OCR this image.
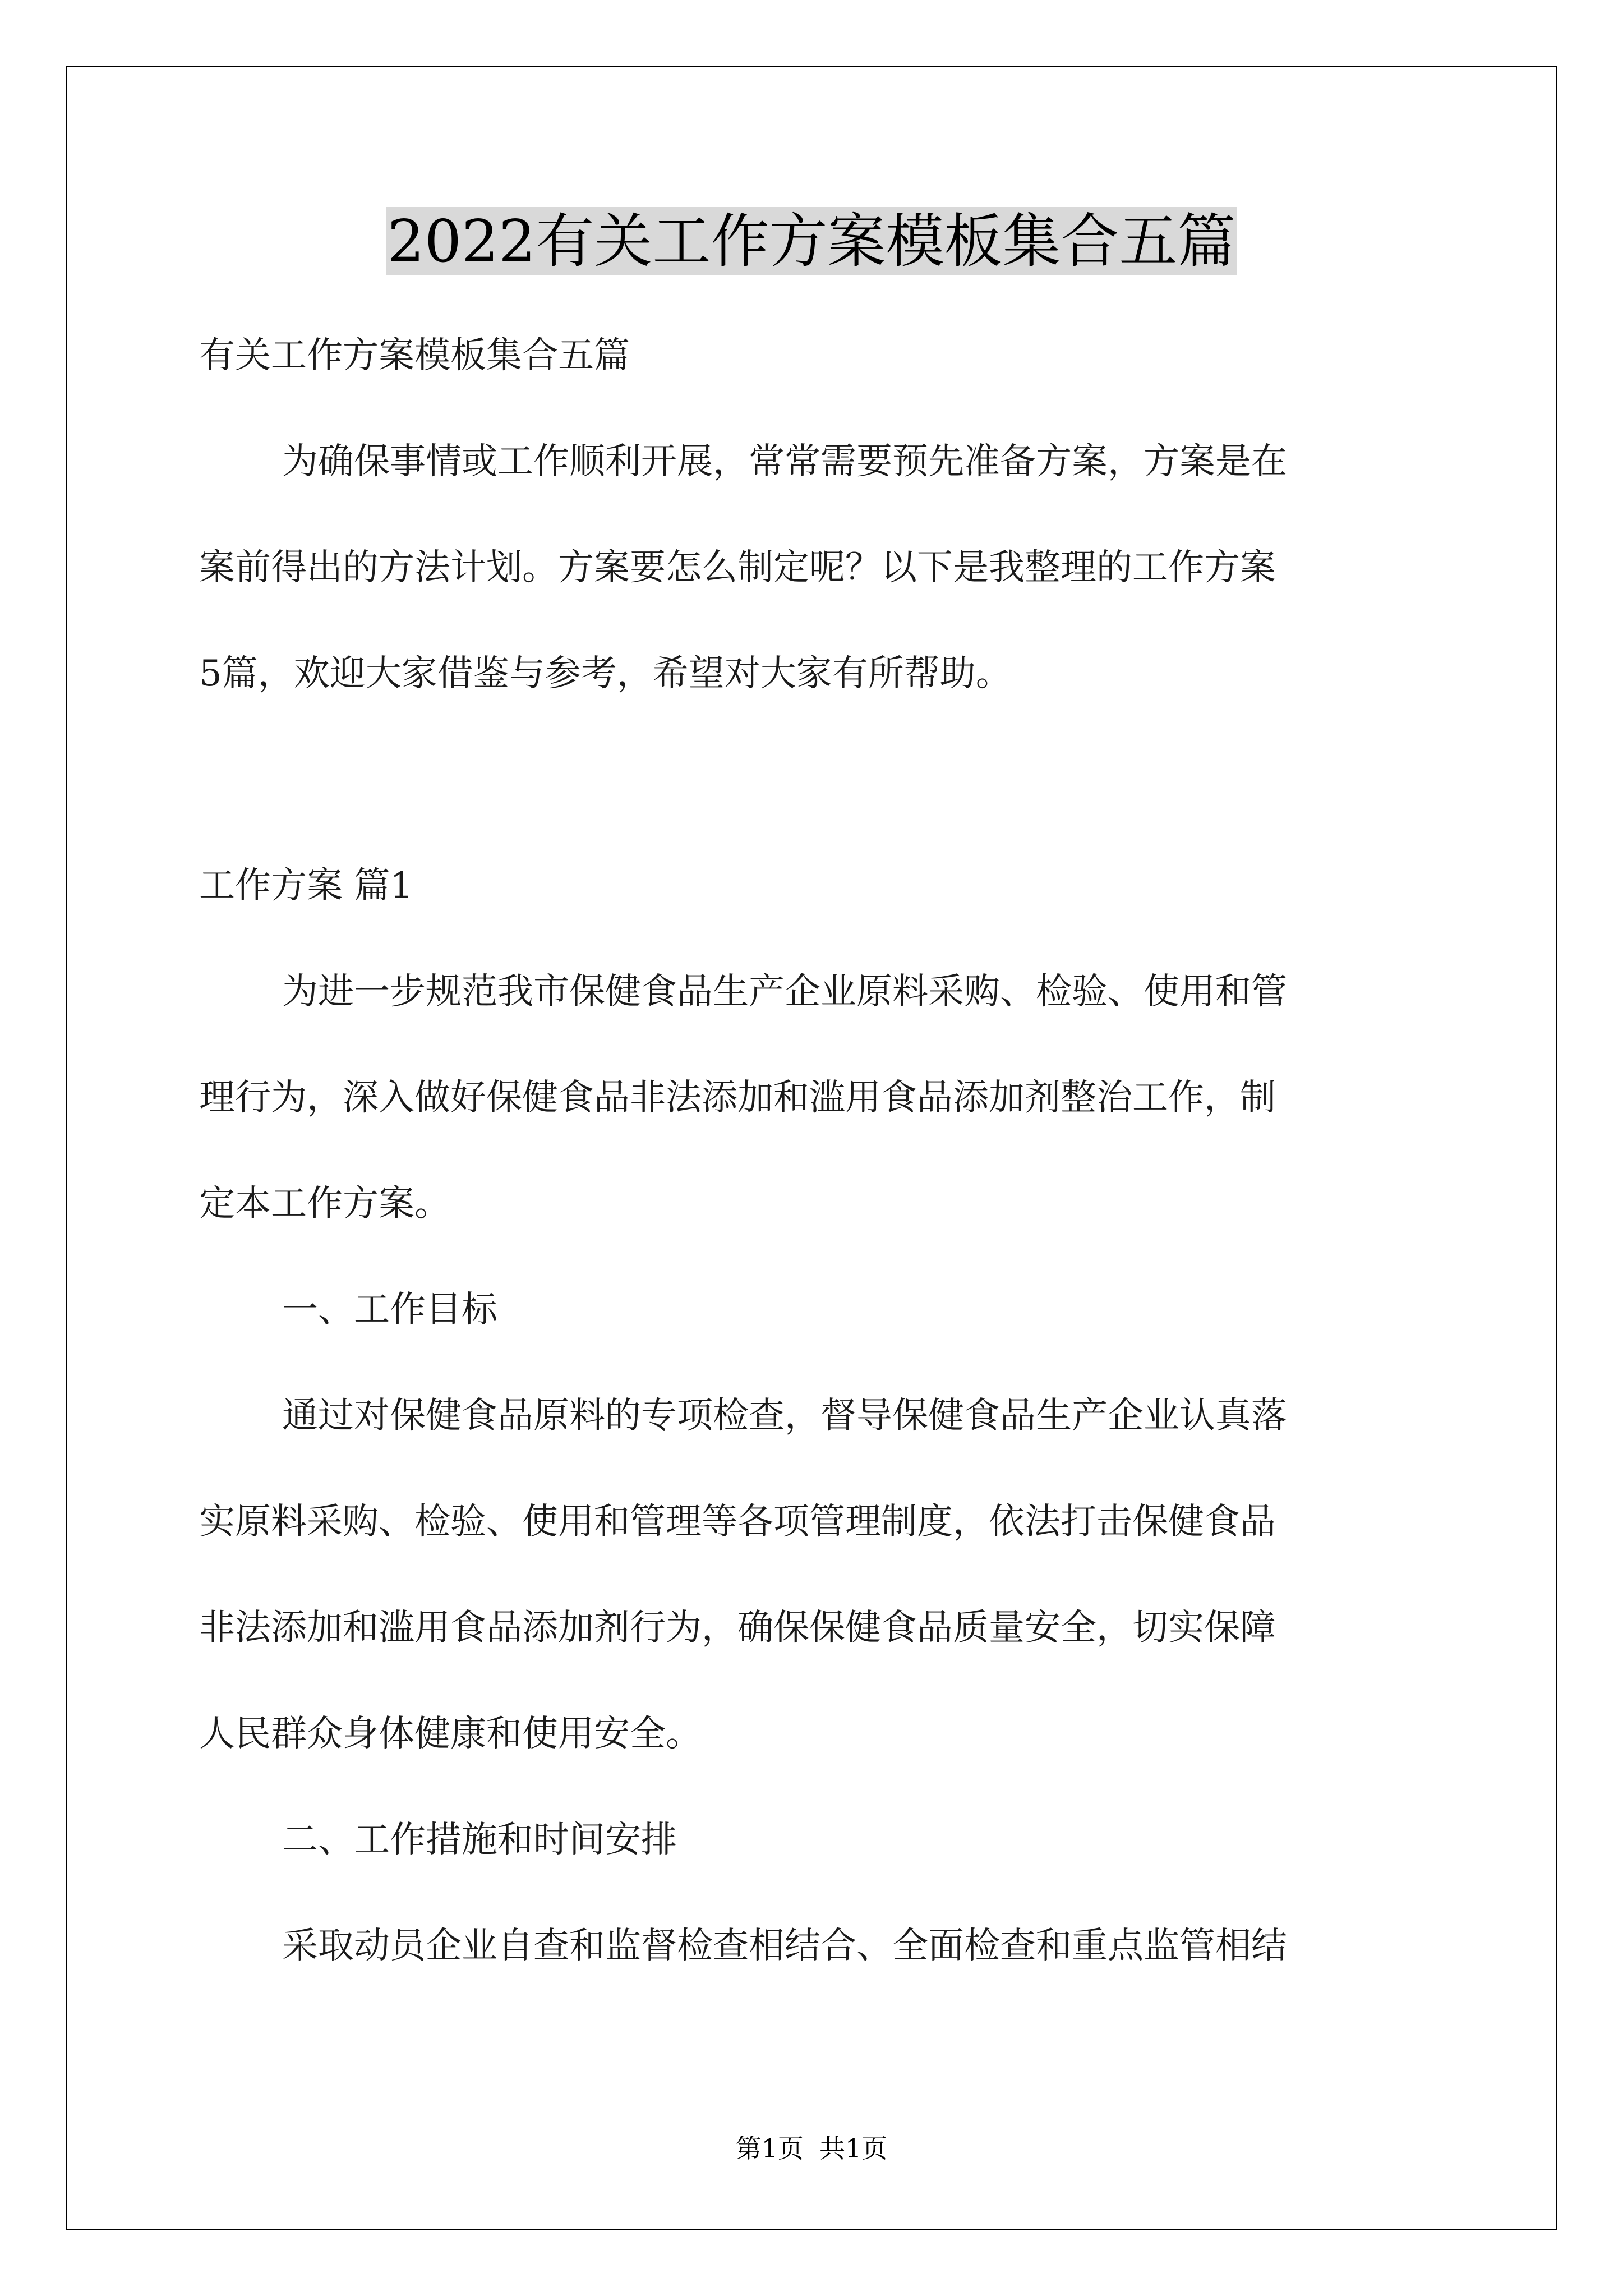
2022有关工作方案模板集合五篇

有关工作方案模板集合五篇

为确保事情或工作顺利开展，常常需要预先准备方案，方案是在

案前得出的方法计划。方案要怎么制定呢？以下是我整理的工作方案

5篇，欢迎大家借鉴与参考，希望对大家有所帮助。

工作方案 篇1

为进一步规范我市保健食品生产企业原料采购、检验、使用和管

理行为，深入做好保健食品非法添加和滥用食品添加剂整治工作，制

定本工作方案。

一、工作目标

通过对保健食品原料的专项检查，督导保健食品生产企业认真落

实原料采购、检验、使用和管理等各项管理制度，依法打击保健食品

非法添加和滥用食品添加剂行为，确保保健食品质量安全，切实保障

人民群众身体健康和使用安全。

二、工作措施和时间安排

采取动员企业自查和监督检查相结合、全面检查和重点监管相结

第1页 共1页
